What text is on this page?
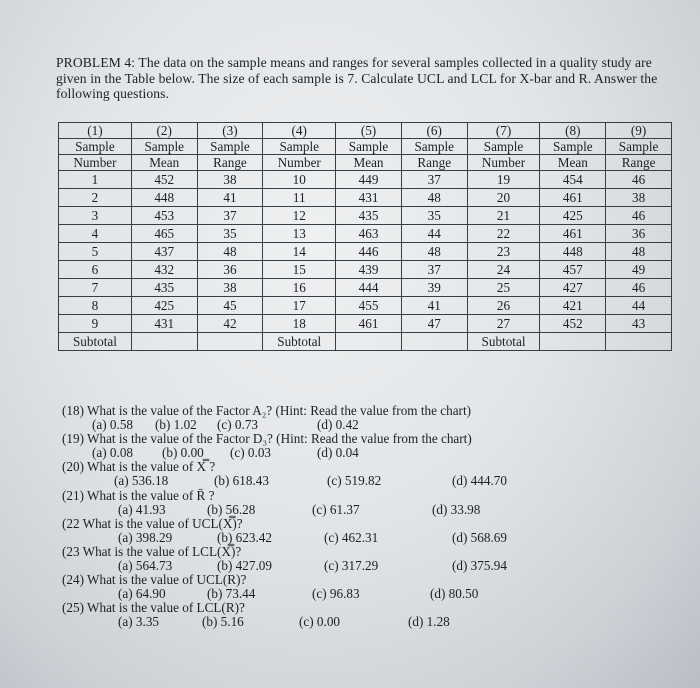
PROBLEM 4: The data on the sample means and ranges for several samples collected in a quality study are given in the Table below. The size of each sample is 7. Calculate UCL and LCL for X-bar and R. Answer the following questions.
(1)	(2)	(3)	(4)	(5)	(6)	(7)	(8)	(9)
Sample	Sample	Sample	Sample	Sample	Sample	Sample	Sample	Sample
Number	Mean	Range	Number	Mean	Range	Number	Mean	Range
1	452	38	10	449	37	19	454	46
2	448	41	11	431	48	20	461	38
3	453	37	12	435	35	21	425	46
4	465	35	13	463	44	22	461	36
5	437	48	14	446	48	23	448	48
6	432	36	15	439	37	24	457	49
7	435	38	16	444	39	25	427	46
8	425	45	17	455	41	26	421	44
9	431	42	18	461	47	27	452	43
Subtotal			Subtotal			Subtotal		
(18) What is the value of the Factor A₂? (Hint: Read the value from the chart)
(a) 0.58 (b) 1.02 (c) 0.73	(d) 0.42
(19) What is the value of the Factor D₃? (Hint: Read the value from the chart)
(a) 0.08 (b) 0.00 (c) 0.03	(d) 0.04
(20) What is the value of X̿ ?
(a) 536.18	(b) 618.43	(c) 519.82	(d) 444.70
(21) What is the value of R̄ ?
(a) 41.93	(b) 56.28	(c) 61.37	(d) 33.98
(22 What is the value of UCL(X̿)?
(a) 398.29	(b) 623.42	(c) 462.31	(d) 568.69
(23 What is the value of LCL(X̿)?
(a) 564.73	(b) 427.09	(c) 317.29	(d) 375.94
(24) What is the value of UCL(R)?
(a) 64.90	(b) 73.44	(c) 96.83	(d) 80.50
(25) What is the value of LCL(R)?
(a) 3.35	(b) 5.16	(c) 0.00	(d) 1.28
